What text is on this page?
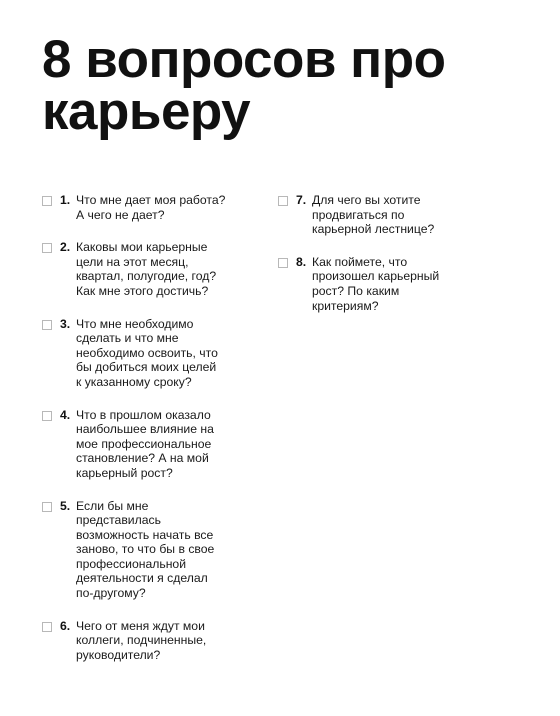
8 вопросов про
карьеру
1. Что мне дает моя работа?
А чего не дает?
2. Каковы мои карьерные
цели на этот месяц,
квартал, полугодие, год?
Как мне этого достичь?
3. Что мне необходимо
сделать и что мне
необходимо освоить, что
бы добиться моих целей
к указанному сроку?
4. Что в прошлом оказало
наибольшее влияние на
мое профессиональное
становление? А на мой
карьерный рост?
5. Если бы мне
представилась
возможность начать все
заново, то что бы в свое
профессиональной
деятельности я сделал
по-другому?
6. Чего от меня ждут мои
коллеги, подчиненные,
руководители?
7. Для чего вы хотите
продвигаться по
карьерной лестнице?
8. Как поймете, что
произошел карьерный
рост? По каким
критериям?
